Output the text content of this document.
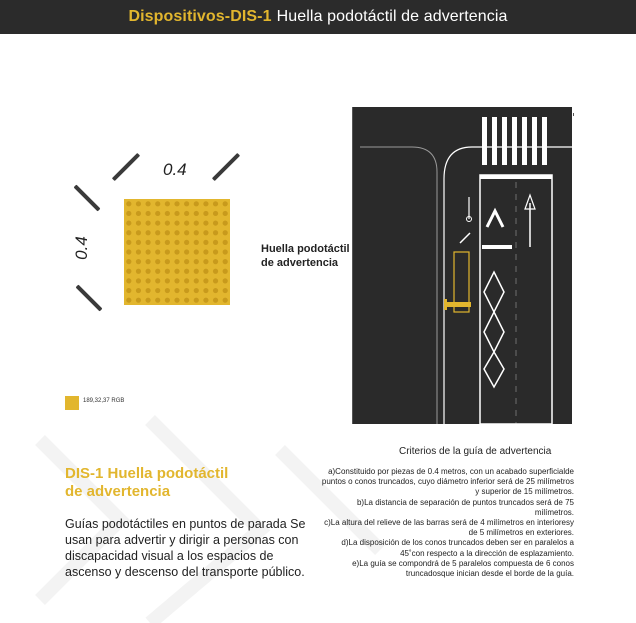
Dispositivos-DIS-1 Huella podotáctil de advertencia
0.4
0.4
189,32,37 RGB
Huella podotáctil
de advertencia
Criterios de la guía de advertencia

a)Constituido por piezas de 0.4 metros, con un acabado superficialde puntos o conos truncados, cuyo diámetro inferior será de 25 milímetros y superior de 15 milímetros.

b)La distancia de separación de puntos truncados será de 75 milímetros.

c)La altura del relieve de las barras será de 4 milímetros en interioresy de 5 milímetros en exteriores.

d)La disposición de los conos truncados deben ser en paralelos a 45˚con respecto a la dirección de esplazamiento.

e)La guía se compondrá de 5 paralelos compuesta de 6 conos truncadosque inician desde el borde de la guía.

DIS-1 Huella podotáctil
de advertencia
Guías podotáctiles en puntos de parada Se usan para advertir y dirigir a personas con discapacidad visual a los espacios de ascenso y descenso del transporte público.
